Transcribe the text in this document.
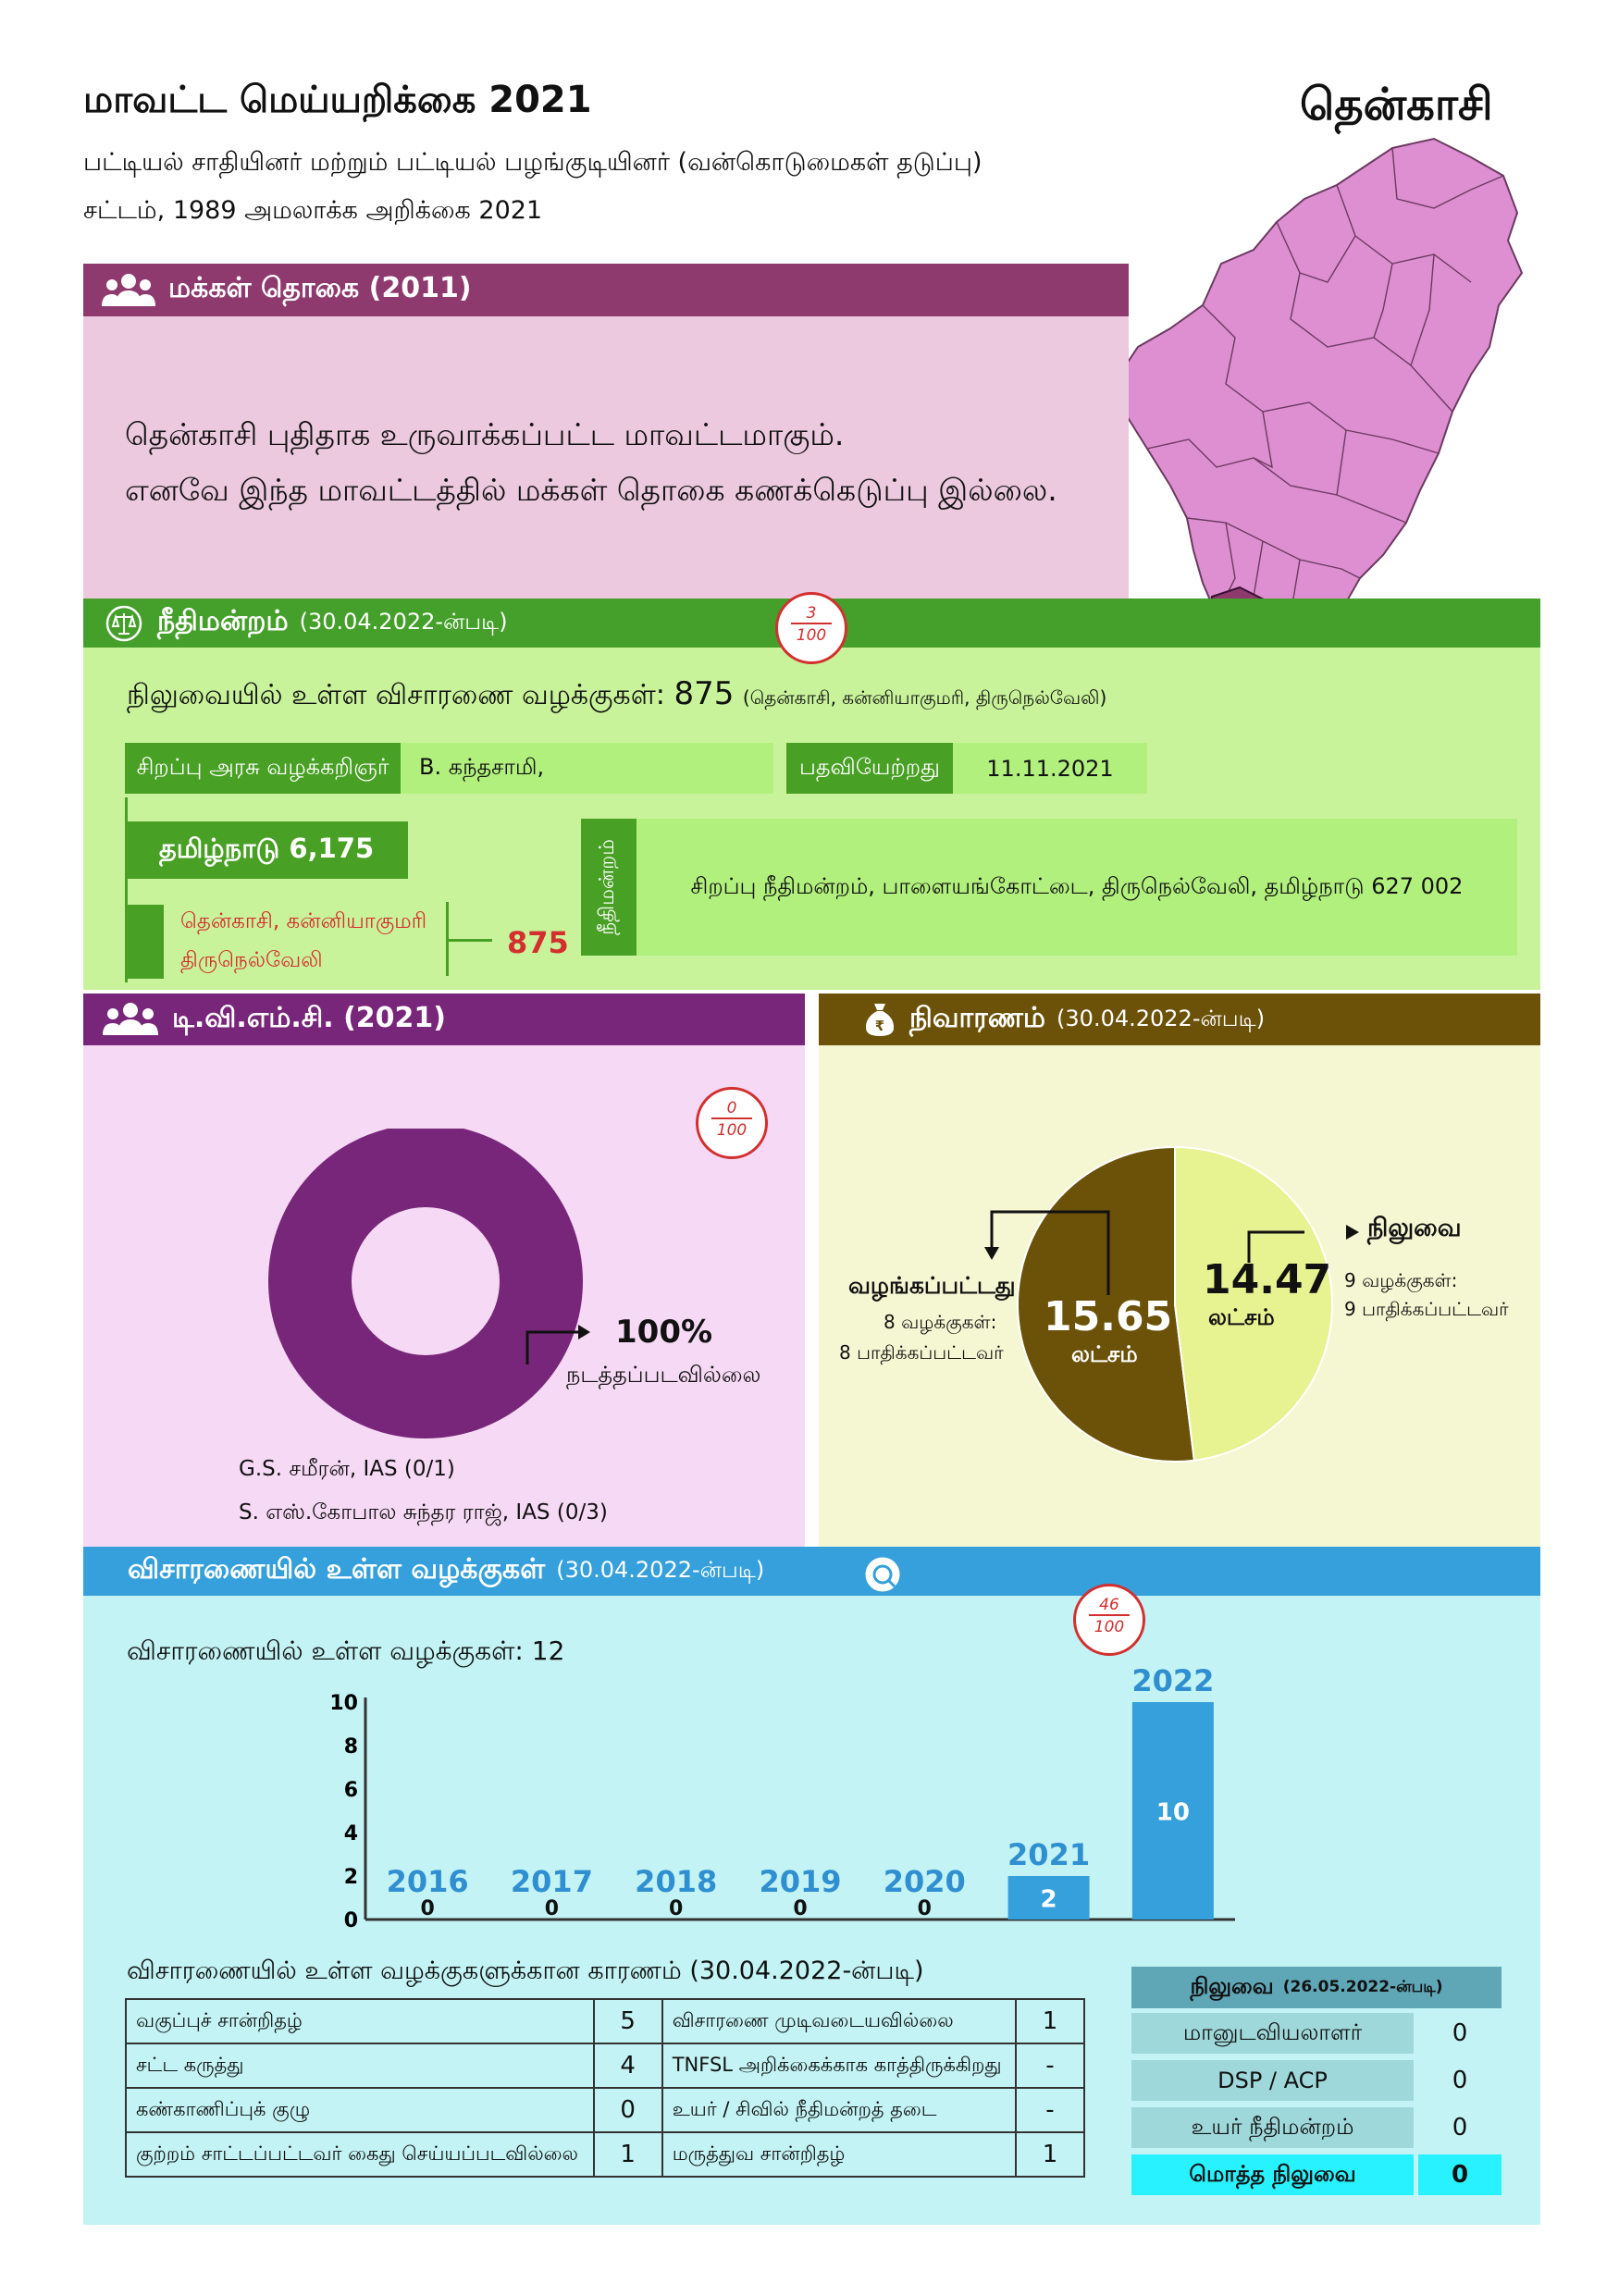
மாவட்ட மெய்யறிக்கை 2021
பட்டியல் சாதியினர் மற்றும் பட்டியல் பழங்குடியினர் (வன்கொடுமைகள் தடுப்பு)
சட்டம், 1989 அமலாக்க அறிக்கை 2021
தென்காசி
மக்கள் தொகை (2011)
தென்காசி புதிதாக உருவாக்கப்பட்ட மாவட்டமாகும்.
எனவே இந்த மாவட்டத்தில் மக்கள் தொகை கணக்கெடுப்பு இல்லை.
நீதிமன்றம் (30.04.2022-ன்படி)	$\frac{3}{100}$
நிலுவையில் உள்ள விசாரணை வழக்குகள்: 875 (தென்காசி, கன்னியாகுமரி, திருநெல்வேலி)
சிறப்பு அரசு வழக்கறிஞர்	B. கந்தசாமி,	பதவியேற்றது	11.11.2021
தமிழ்நாடு 6,175
தென்காசி, கன்னியாகுமரி
திருநெல்வேலி	875
நீதிமன்றம்	சிறப்பு நீதிமன்றம், பாளையங்கோட்டை, திருநெல்வேலி, தமிழ்நாடு 627 002
டி.வி.எம்.சி. (2021)
$\frac{0}{100}$
100%
நடத்தப்படவில்லை
G.S. சமீரன், IAS (0/1)
S. எஸ்.கோபால சுந்தர ராஜ், IAS (0/3)
₹ நிவாரணம் (30.04.2022-ன்படி)
வழங்கப்பட்டது
8 வழக்குகள்:
8 பாதிக்கப்பட்டவர்
15.65
லட்சம்
14.47
லட்சம்
நிலுவை
9 வழக்குகள்:
9 பாதிக்கப்பட்டவர்
விசாரணையில் உள்ள வழக்குகள் (30.04.2022-ன்படி)
$\frac{46}{100}$
விசாரணையில் உள்ள வழக்குகள்: 12
0
2
4
6
8
10
2016
0
2017
0
2018
0
2019
0
2020
0
2021
2
2022
10
விசாரணையில் உள்ள வழக்குகளுக்கான காரணம் (30.04.2022-ன்படி)
வகுப்புச் சான்றிதழ்	5	விசாரணை முடிவடையவில்லை	1
சட்ட கருத்து	4	TNFSL அறிக்கைக்காக காத்திருக்கிறது	-
கண்காணிப்புக் குழு	0	உயர் / சிவில் நீதிமன்றத் தடை	-
குற்றம் சாட்டப்பட்டவர் கைது செய்யப்படவில்லை	1	மருத்துவ சான்றிதழ்	1
நிலுவை (26.05.2022-ன்படி)
மானுடவியலாளர்	0
DSP / ACP	0
உயர் நீதிமன்றம்	0
மொத்த நிலுவை	0
